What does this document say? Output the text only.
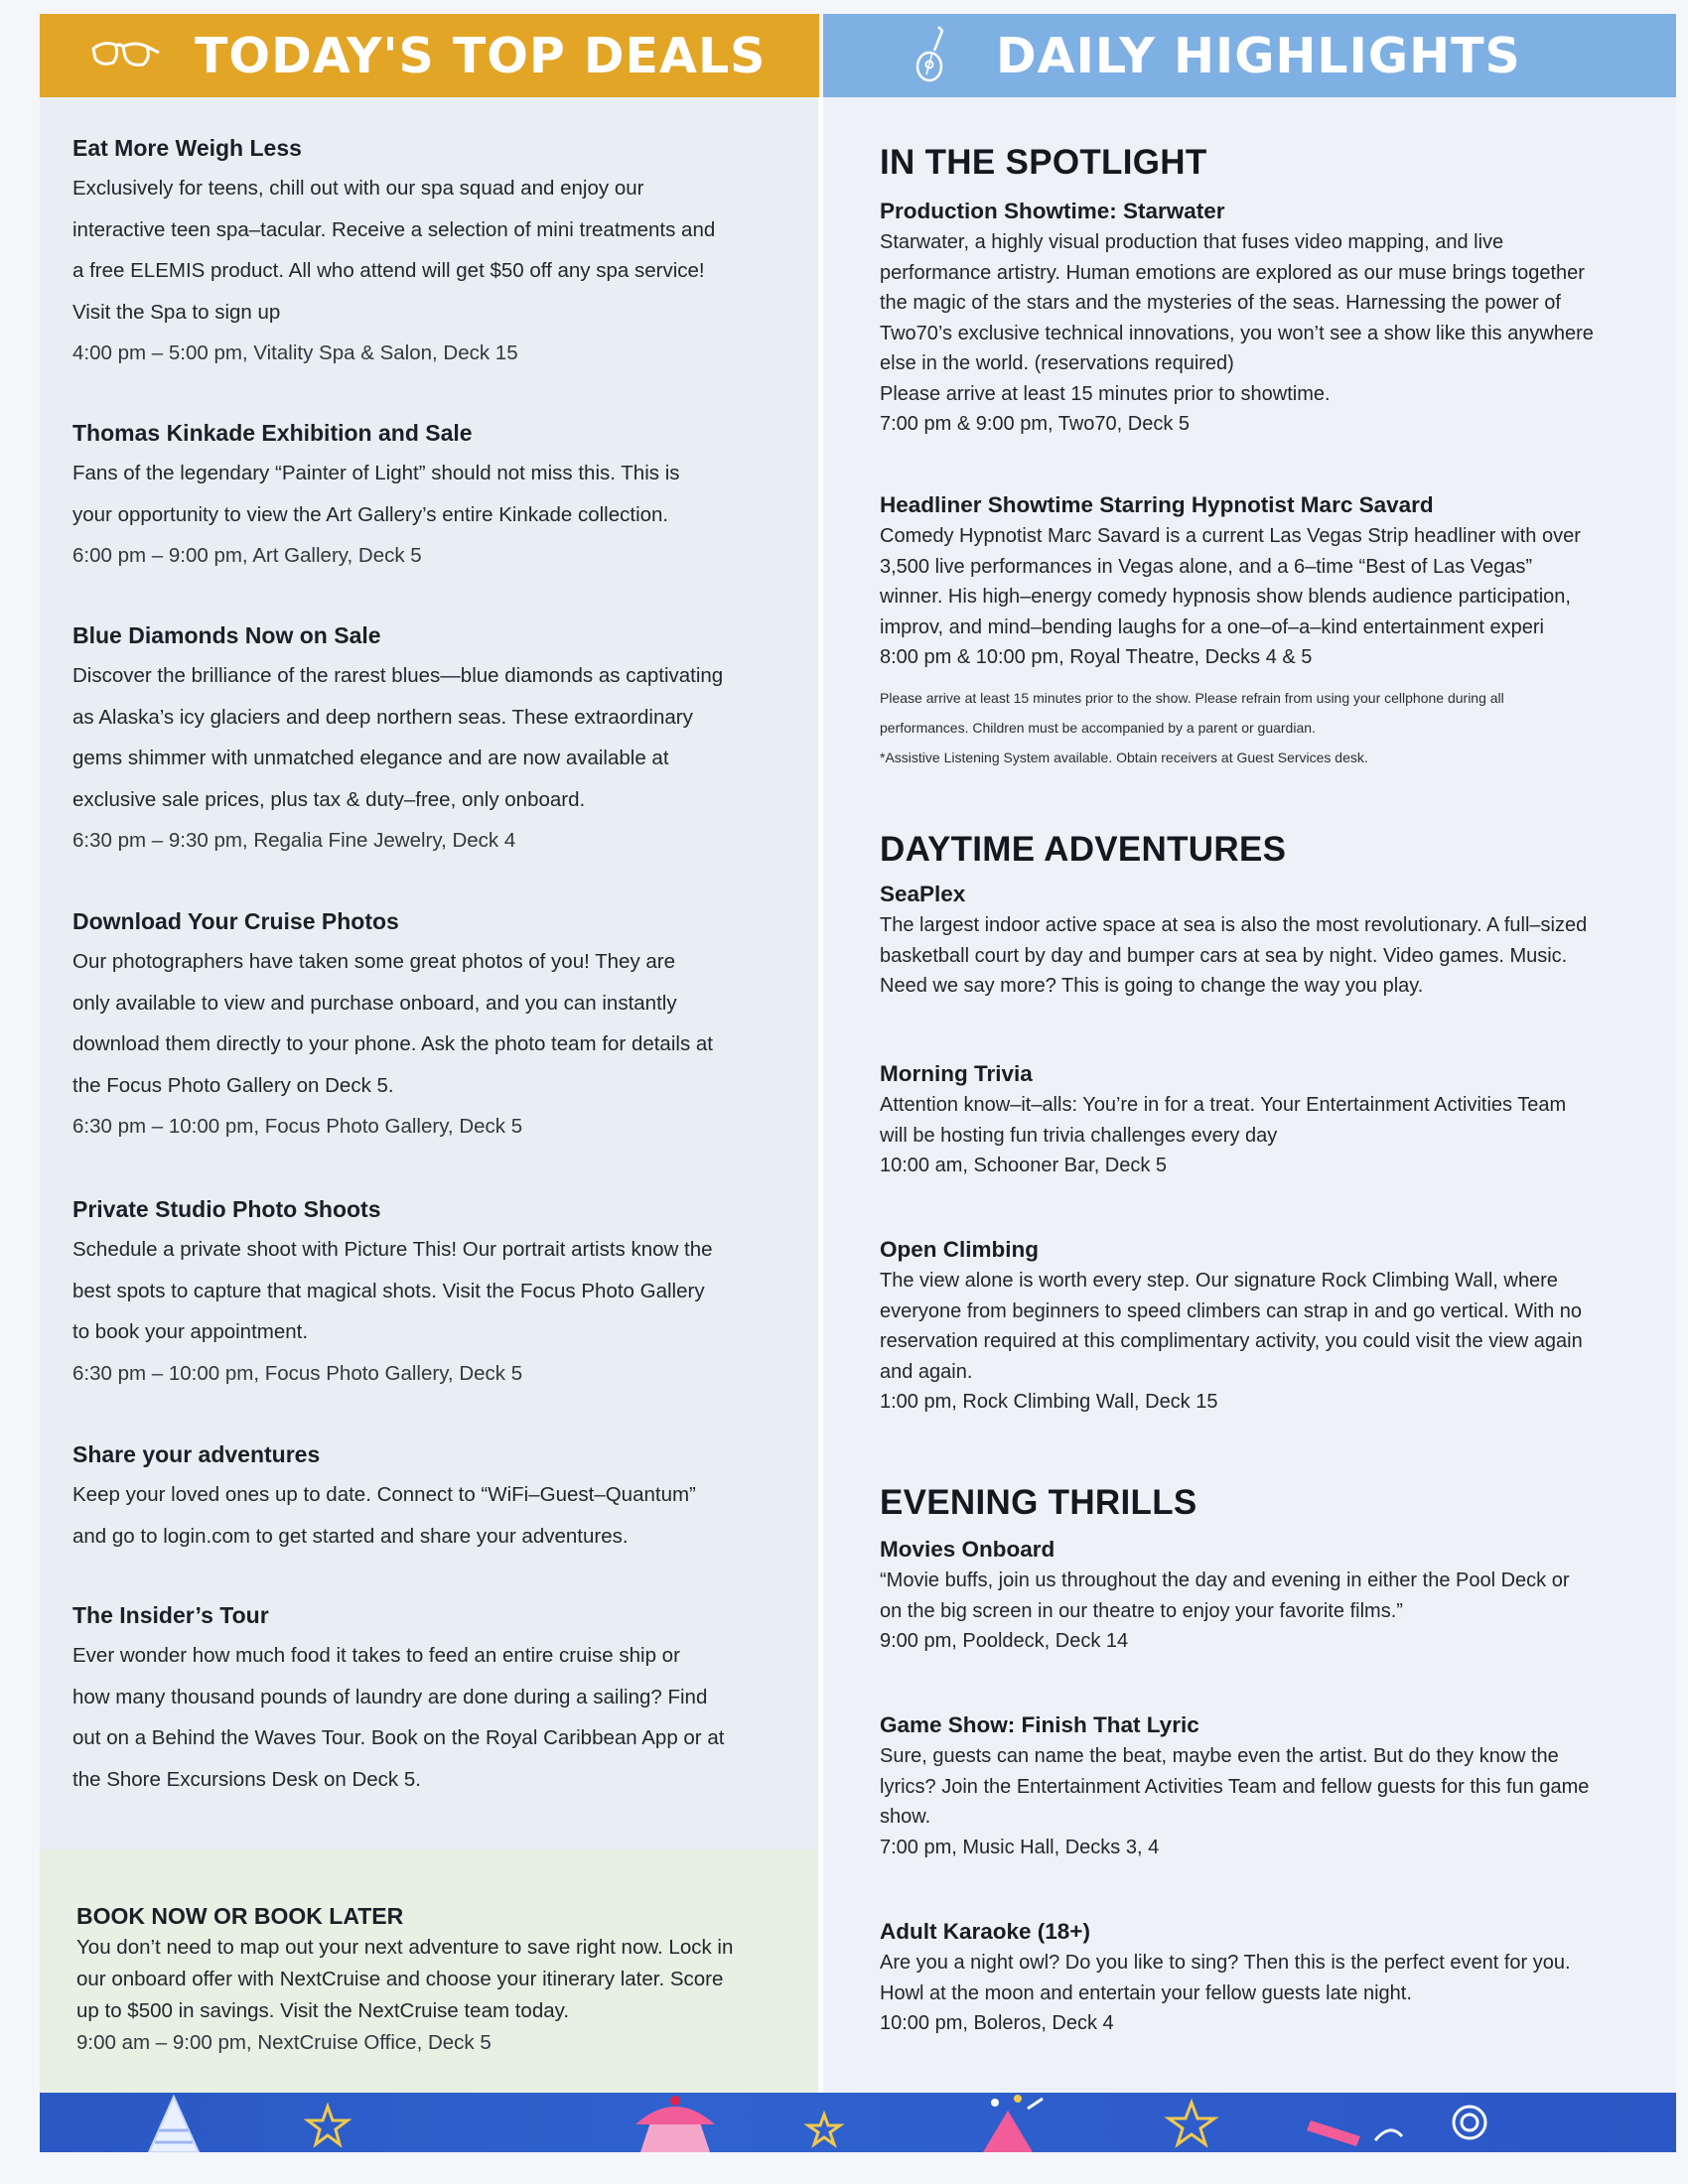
TODAY'S TOP DEALS	DAILY HIGHLIGHTS
Eat More Weigh Less

Exclusively for teens, chill out with our spa squad and enjoy our

interactive teen spa–tacular. Receive a selection of mini treatments and

a free ELEMIS product. All who attend will get $50 off any spa service!

Visit the Spa to sign up

4:00 pm – 5:00 pm, Vitality Spa & Salon, Deck 15

Thomas Kinkade Exhibition and Sale

Fans of the legendary “Painter of Light” should not miss this. This is

your opportunity to view the Art Gallery’s entire Kinkade collection.

6:00 pm – 9:00 pm, Art Gallery, Deck 5

Blue Diamonds Now on Sale

Discover the brilliance of the rarest blues—blue diamonds as captivating

as Alaska’s icy glaciers and deep northern seas. These extraordinary

gems shimmer with unmatched elegance and are now available at

exclusive sale prices, plus tax & duty–free, only onboard.

6:30 pm – 9:30 pm, Regalia Fine Jewelry, Deck 4

Download Your Cruise Photos

Our photographers have taken some great photos of you! They are

only available to view and purchase onboard, and you can instantly

download them directly to your phone. Ask the photo team for details at

the Focus Photo Gallery on Deck 5.

6:30 pm – 10:00 pm, Focus Photo Gallery, Deck 5

Private Studio Photo Shoots

Schedule a private shoot with Picture This! Our portrait artists know the

best spots to capture that magical shots. Visit the Focus Photo Gallery

to book your appointment.

6:30 pm – 10:00 pm, Focus Photo Gallery, Deck 5

Share your adventures

Keep your loved ones up to date. Connect to “WiFi–Guest–Quantum”

and go to login.com to get started and share your adventures.

The Insider’s Tour

Ever wonder how much food it takes to feed an entire cruise ship or

how many thousand pounds of laundry are done during a sailing? Find

out on a Behind the Waves Tour. Book on the Royal Caribbean App or at

the Shore Excursions Desk on Deck 5.

BOOK NOW OR BOOK LATER

You don’t need to map out your next adventure to save right now. Lock in

our onboard offer with NextCruise and choose your itinerary later. Score

up to $500 in savings. Visit the NextCruise team today.

9:00 am – 9:00 pm, NextCruise Office, Deck 5

IN THE SPOTLIGHT
Production Showtime: Starwater

Starwater, a highly visual production that fuses video mapping, and live

performance artistry. Human emotions are explored as our muse brings together

the magic of the stars and the mysteries of the seas. Harnessing the power of

Two70’s exclusive technical innovations, you won’t see a show like this anywhere

else in the world. (reservations required)

Please arrive at least 15 minutes prior to showtime.

7:00 pm & 9:00 pm, Two70, Deck 5

Headliner Showtime Starring Hypnotist Marc Savard

Comedy Hypnotist Marc Savard is a current Las Vegas Strip headliner with over

3,500 live performances in Vegas alone, and a 6–time “Best of Las Vegas”

winner. His high–energy comedy hypnosis show blends audience participation,

improv, and mind–bending laughs for a one–of–a–kind entertainment experi

8:00 pm & 10:00 pm, Royal Theatre, Decks 4 & 5

Please arrive at least 15 minutes prior to the show. Please refrain from using your cellphone during all

performances. Children must be accompanied by a parent or guardian.

*Assistive Listening System available. Obtain receivers at Guest Services desk.

DAYTIME ADVENTURES
SeaPlex

The largest indoor active space at sea is also the most revolutionary. A full–sized

basketball court by day and bumper cars at sea by night. Video games. Music.

Need we say more? This is going to change the way you play.

Morning Trivia

Attention know–it–alls: You’re in for a treat. Your Entertainment Activities Team

will be hosting fun trivia challenges every day

10:00 am, Schooner Bar, Deck 5

Open Climbing

The view alone is worth every step. Our signature Rock Climbing Wall, where

everyone from beginners to speed climbers can strap in and go vertical. With no

reservation required at this complimentary activity, you could visit the view again

and again.

1:00 pm, Rock Climbing Wall, Deck 15

EVENING THRILLS
Movies Onboard

“Movie buffs, join us throughout the day and evening in either the Pool Deck or

on the big screen in our theatre to enjoy your favorite films.”

9:00 pm, Pooldeck, Deck 14

Game Show: Finish That Lyric

Sure, guests can name the beat, maybe even the artist. But do they know the

lyrics? Join the Entertainment Activities Team and fellow guests for this fun game

show.

7:00 pm, Music Hall, Decks 3, 4

Adult Karaoke (18+)

Are you a night owl? Do you like to sing? Then this is the perfect event for you.

Howl at the moon and entertain your fellow guests late night.

10:00 pm, Boleros, Deck 4
